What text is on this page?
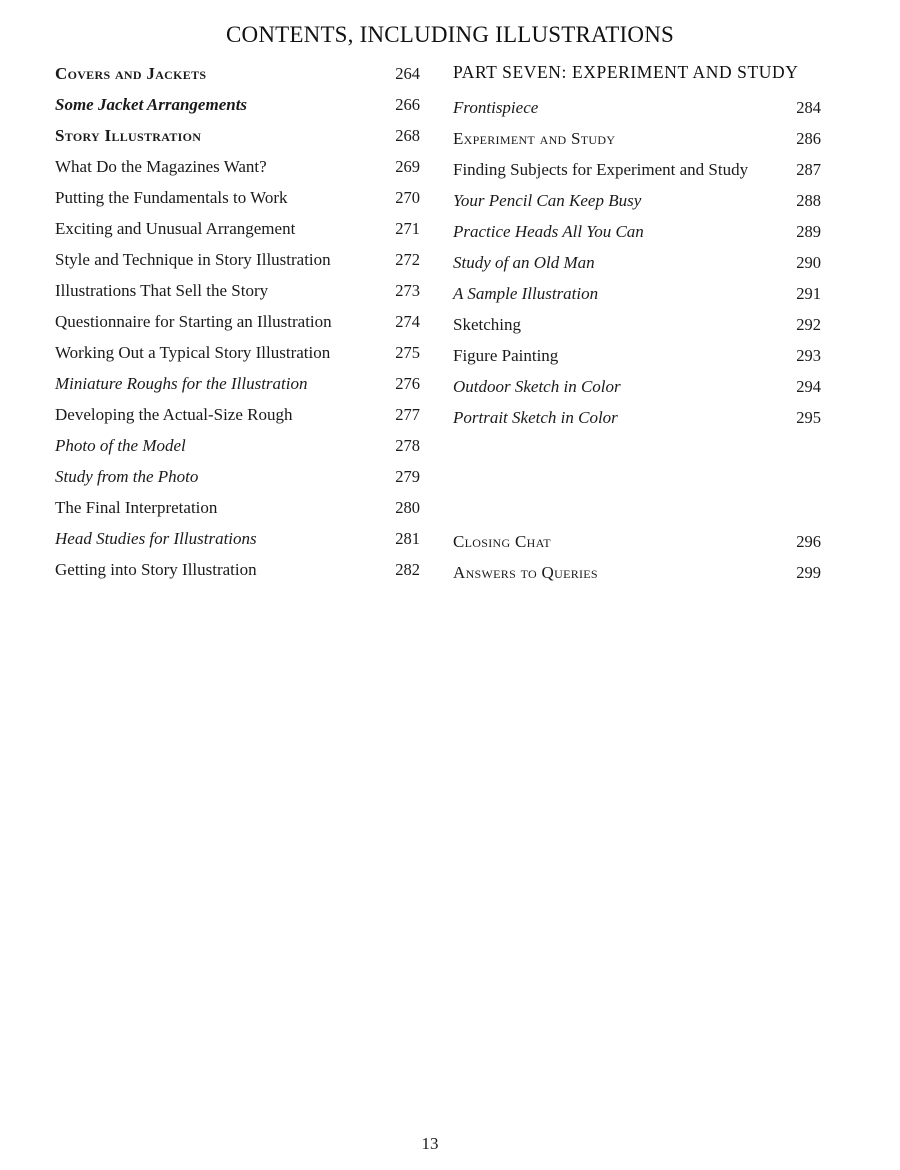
CONTENTS, INCLUDING ILLUSTRATIONS
Covers and Jackets	264
Some Jacket Arrangements	266
Story Illustration	268
What Do the Magazines Want?	269
Putting the Fundamentals to Work	270
Exciting and Unusual Arrangement	271
Style and Technique in Story Illustration	272
Illustrations That Sell the Story	273
Questionnaire for Starting an Illustration	274
Working Out a Typical Story Illustration	275
Miniature Roughs for the Illustration	276
Developing the Actual-Size Rough	277
Photo of the Model	278
Study from the Photo	279
The Final Interpretation	280
Head Studies for Illustrations	281
Getting into Story Illustration	282
PART SEVEN: EXPERIMENT AND STUDY
Frontispiece	284
Experiment and Study	286
Finding Subjects for Experiment and Study	287
Your Pencil Can Keep Busy	288
Practice Heads All You Can	289
Study of an Old Man	290
A Sample Illustration	291
Sketching	292
Figure Painting	293
Outdoor Sketch in Color	294
Portrait Sketch in Color	295
Closing Chat	296
Answers to Queries	299
13
